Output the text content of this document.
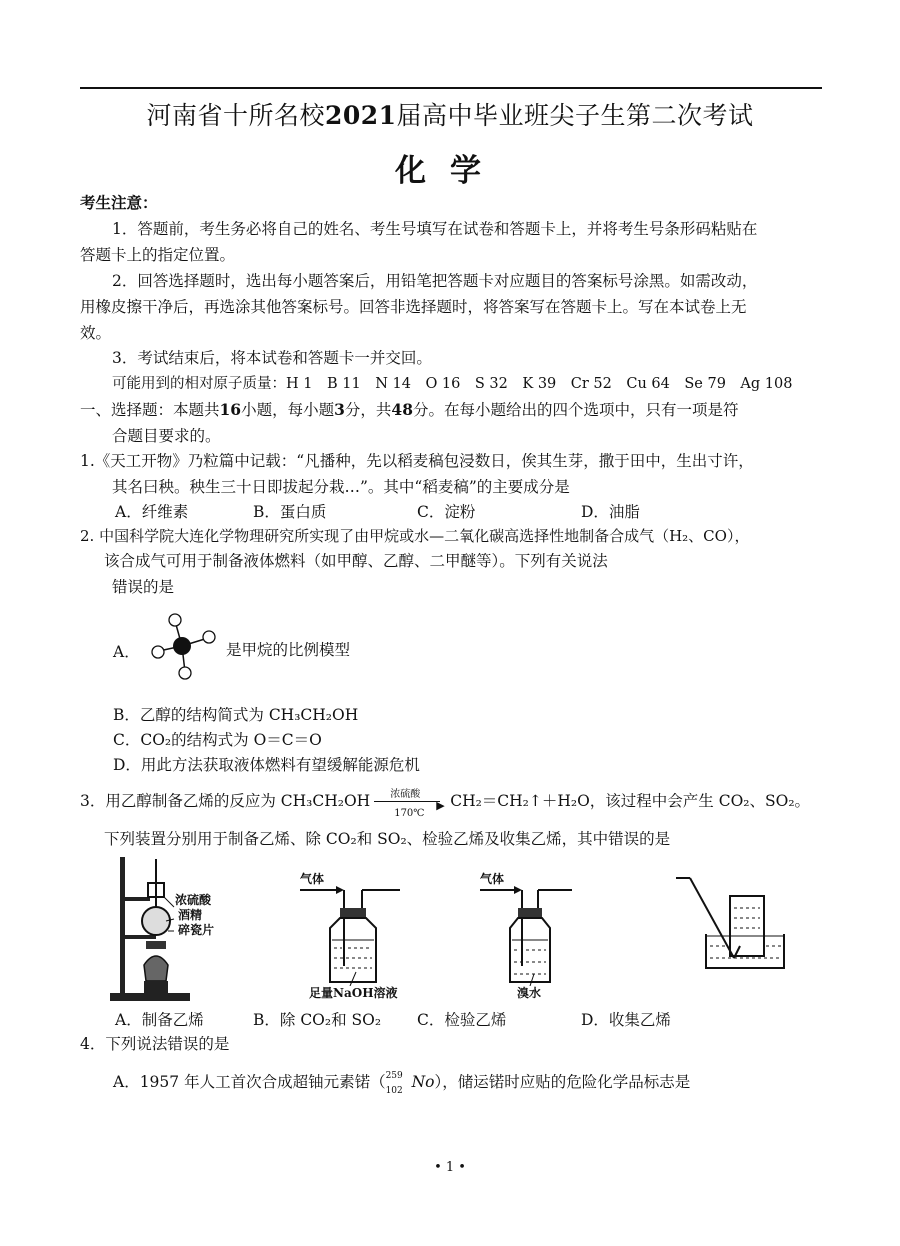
河南省十所名校2021届高中毕业班尖子生第二次考试
化学
考生注意：
1．答题前，考生务必将自己的姓名、考生号填写在试卷和答题卡上，并将考生号条形码粘贴在
答题卡上的指定位置。
2．回答选择题时，选出每小题答案后，用铅笔把答题卡对应题目的答案标号涂黑。如需改动，
用橡皮擦干净后，再选涂其他答案标号。回答非选择题时，将答案写在答题卡上。写在本试卷上无
效。
3．考试结束后，将本试卷和答题卡一并交回。
可能用到的相对原子质量：H 1　B 11　N 14　O 16　S 32　K 39　Cr 52　Cu 64　Se 79　Ag 108
一、选择题：本题共16小题，每小题3分，共48分。在每小题给出的四个选项中，只有一项是符
合题目要求的。
1.《天工开物》乃粒篇中记载：“凡播种，先以稻麦稿包浸数日，俟其生芽，撒于田中，生出寸许，
其名曰秧。秧生三十日即拔起分栽…”。其中“稻麦稿”的主要成分是
A．纤维素	B．蛋白质	C．淀粉	D．油脂
2. 中国科学院大连化学物理研究所实现了由甲烷或水—二氧化碳高选择性地制备合成气（H₂、CO），
该合成气可用于制备液体燃料（如甲醇、乙醇、二甲醚等）。下列有关说法
错误的是
A．	是甲烷的比例模型
B．乙醇的结构简式为 CH₃CH₂OH
C．CO₂的结构式为 O＝C＝O
D．用此方法获取液体燃料有望缓解能源危机
3．用乙醇制备乙烯的反应为 CH₃CH₂OH 浓硫酸
▶
170℃
CH₂＝CH₂↑＋H₂O，该过程中会产生 CO₂、SO₂。
下列装置分别用于制备乙烯、除 CO₂和 SO₂、检验乙烯及收集乙烯，其中错误的是
浓硫酸
酒精
碎瓷片
气体
足量NaOH溶液
气体
溴水
A．制备乙烯	B．除 CO₂和 SO₂ C．检验乙烯	D．收集乙烯
4．下列说法错误的是
A．1957 年人工首次合成超铀元素锘（ 259
102 No），储运锘时应贴的危险化学品标志是
• 1 •
